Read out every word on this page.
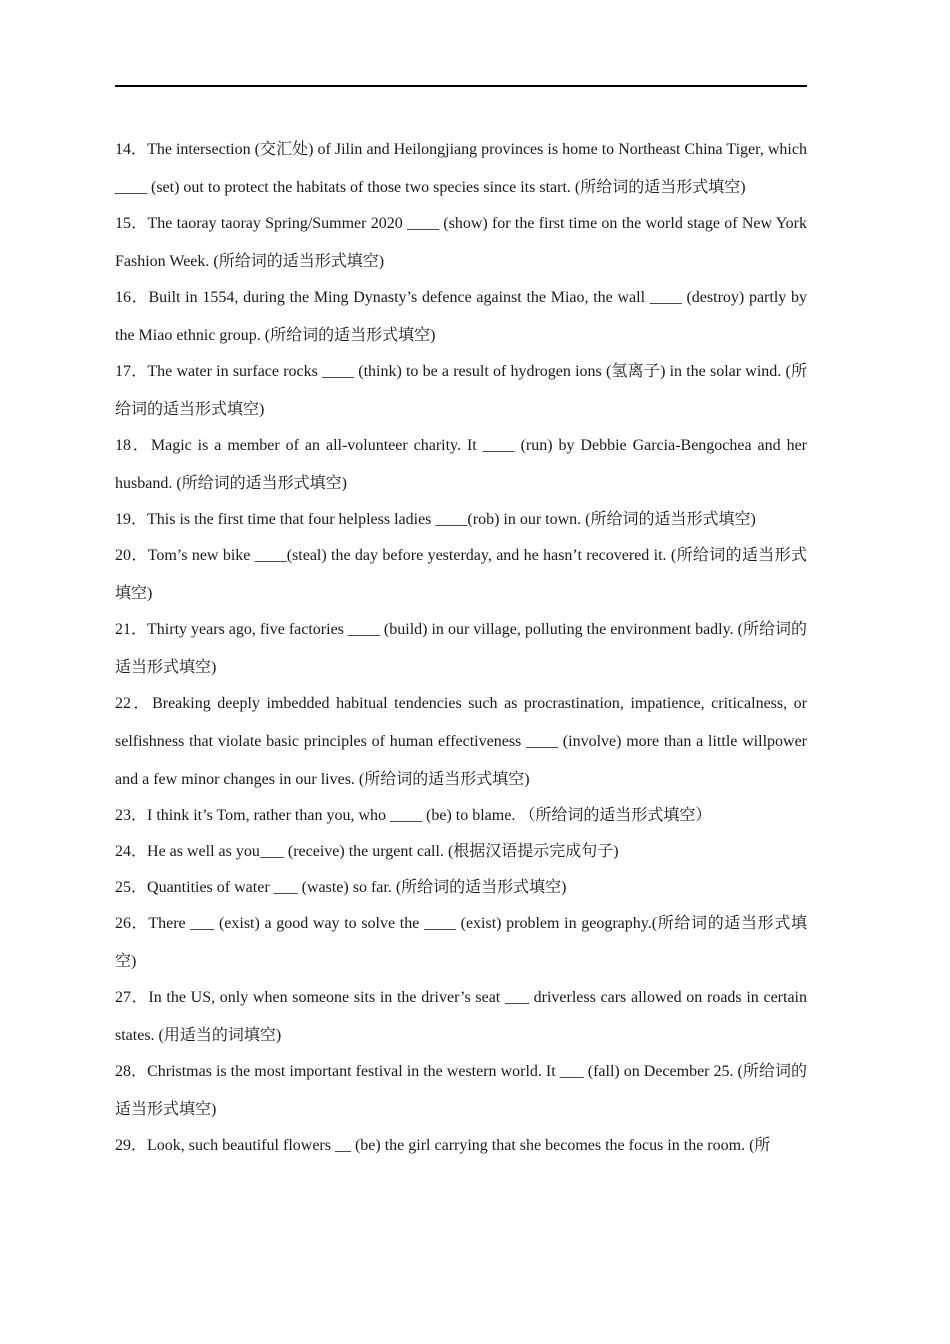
14．The intersection (交汇处) of Jilin and Heilongjiang provinces is home to Northeast China Tiger, which ____ (set) out to protect the habitats of those two species since its start. (所给词的适当形式填空)

15．The taoray taoray Spring/Summer 2020 ____ (show) for the first time on the world stage of New York Fashion Week. (所给词的适当形式填空)

16．Built in 1554, during the Ming Dynasty’s defence against the Miao, the wall ____ (destroy) partly by the Miao ethnic group. (所给词的适当形式填空)

17．The water in surface rocks ____ (think) to be a result of hydrogen ions (氢离子) in the solar wind. (所给词的适当形式填空)

18．Magic is a member of an all-volunteer charity. It ____ (run) by Debbie Garcia-Bengochea and her husband. (所给词的适当形式填空)

19．This is the first time that four helpless ladies ____(rob) in our town. (所给词的适当形式填空)

20．Tom’s new bike ____(steal) the day before yesterday, and he hasn’t recovered it. (所给词的适当形式填空)

21．Thirty years ago, five factories ____ (build) in our village, polluting the environment badly. (所给词的适当形式填空)

22．Breaking deeply imbedded habitual tendencies such as procrastination, impatience, criticalness, or selfishness that violate basic principles of human effectiveness ____ (involve) more than a little willpower and a few minor changes in our lives. (所给词的适当形式填空)

23．I think it’s Tom, rather than you, who ____ (be) to blame. （所给词的适当形式填空）

24．He as well as you___ (receive) the urgent call. (根据汉语提示完成句子)

25．Quantities of water ___ (waste) so far. (所给词的适当形式填空)

26．There ___ (exist) a good way to solve the ____ (exist) problem in geography.(所给词的适当形式填空)

27．In the US, only when someone sits in the driver’s seat ___ driverless cars allowed on roads in certain states. (用适当的词填空)

28．Christmas is the most important festival in the western world. It ___ (fall) on December 25. (所给词的适当形式填空)

29．Look, such beautiful flowers __ (be) the girl carrying that she becomes the focus in the room. (所
